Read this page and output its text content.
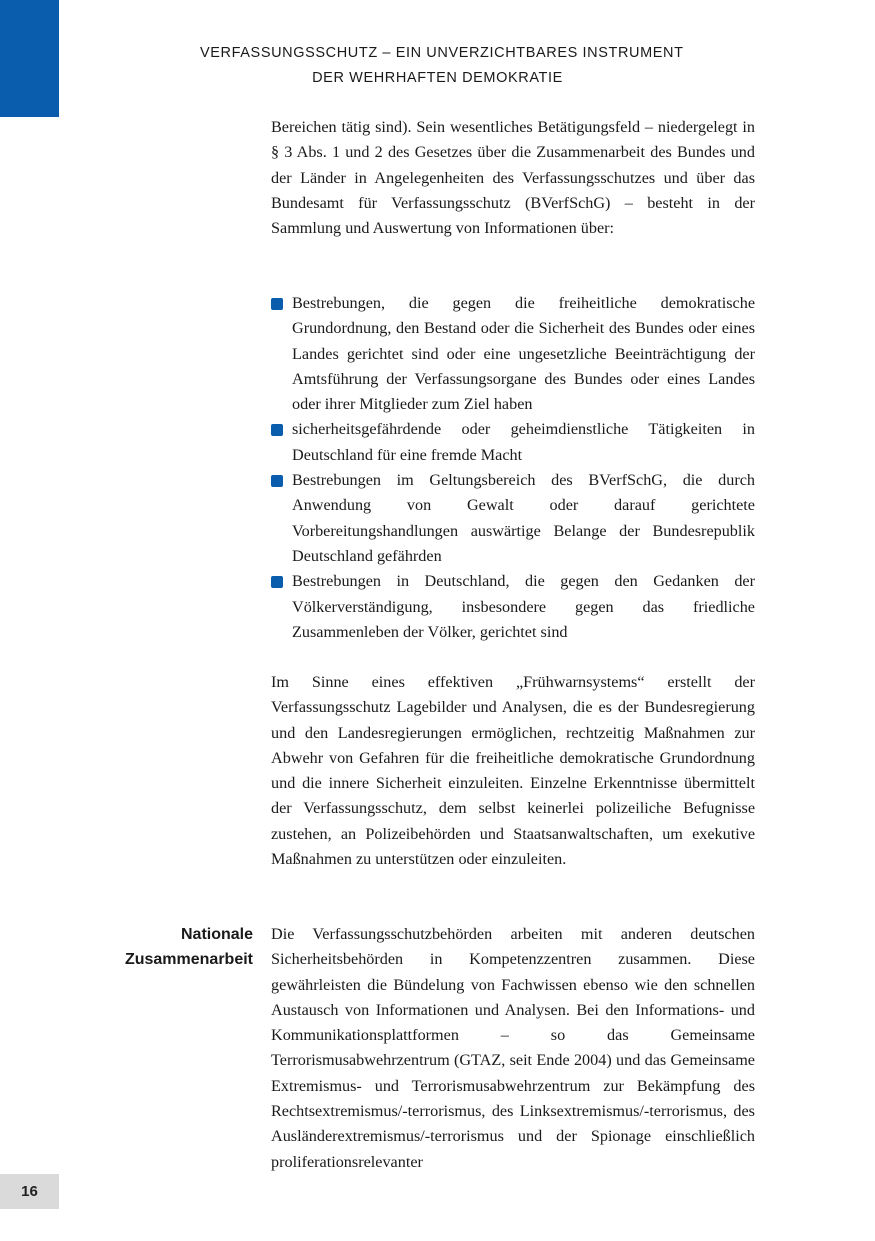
VERFASSUNGSSCHUTZ – EIN UNVERZICHTBARES INSTRUMENT
DER WEHRHAFTEN DEMOKRATIE

Bereichen tätig sind). Sein wesentliches Betätigungsfeld – niedergelegt in § 3 Abs. 1 und 2 des Gesetzes über die Zusammenarbeit des Bundes und der Länder in Angelegenheiten des Verfassungsschutzes und über das Bundesamt für Verfassungsschutz (BVerfSchG) – besteht in der Sammlung und Auswertung von Informationen über:

Bestrebungen, die gegen die freiheitliche demokratische Grundordnung, den Bestand oder die Sicherheit des Bundes oder eines Landes gerichtet sind oder eine ungesetzliche Beeinträchtigung der Amtsführung der Verfassungsorgane des Bundes oder eines Landes oder ihrer Mitglieder zum Ziel haben
sicherheitsgefährdende oder geheimdienstliche Tätigkeiten in Deutschland für eine fremde Macht
Bestrebungen im Geltungsbereich des BVerfSchG, die durch Anwendung von Gewalt oder darauf gerichtete Vorbereitungshandlungen auswärtige Belange der Bundesrepublik Deutschland gefährden
Bestrebungen in Deutschland, die gegen den Gedanken der Völkerverständigung, insbesondere gegen das friedliche Zusammenleben der Völker, gerichtet sind

Im Sinne eines effektiven „Frühwarnsystems“ erstellt der Verfassungsschutz Lagebilder und Analysen, die es der Bundesregierung und den Landesregierungen ermöglichen, rechtzeitig Maßnahmen zur Abwehr von Gefahren für die freiheitliche demokratische Grundordnung und die innere Sicherheit einzuleiten. Einzelne Erkenntnisse übermittelt der Verfassungsschutz, dem selbst keinerlei polizeiliche Befugnisse zustehen, an Polizeibehörden und Staatsanwaltschaften, um exekutive Maßnahmen zu unterstützen oder einzuleiten.

Nationale
Zusammenarbeit

Die Verfassungsschutzbehörden arbeiten mit anderen deutschen Sicherheitsbehörden in Kompetenzzentren zusammen. Diese gewährleisten die Bündelung von Fachwissen ebenso wie den schnellen Austausch von Informationen und Analysen. Bei den Informations- und Kommunikationsplattformen – so das Gemeinsame Terrorismusabwehrzentrum (GTAZ, seit Ende 2004) und das Gemeinsame Extremismus- und Terrorismusabwehrzentrum zur Bekämpfung des Rechtsextremismus/-terrorismus, des Linksextremismus/-terrorismus, des Ausländerextremismus/-terrorismus und der Spionage einschließlich proliferationsrelevanter

16
